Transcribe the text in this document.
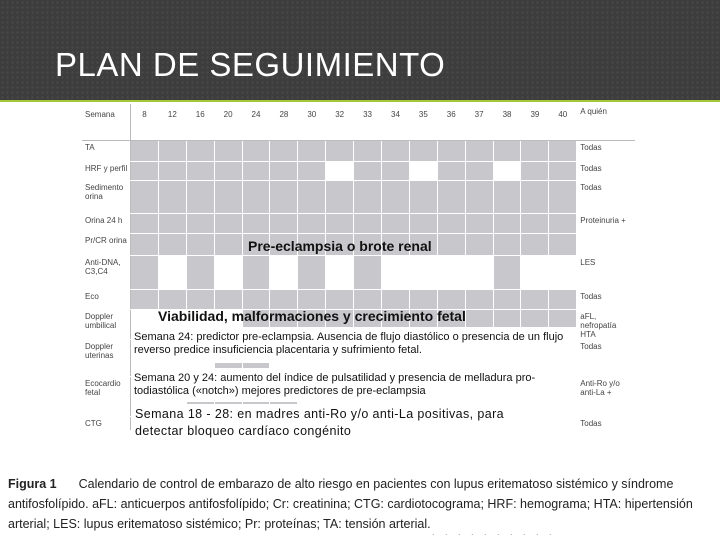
PLAN DE SEGUIMIENTO
Semana	8	12	16	20	24	28	30	32	33	34	35	36	37	38	39	40	A quién
TA																	Todas
HRF y perfil																	Todas
Sedimento orina																	Todas
Orina 24 h																	Proteinuria +
Pr/CR orina																	
Anti-DNA, C3,C4																	LES
Eco																	Todas
Doppler umbilical																	aFL, nefropatía HTA
Doppler uterinas																	Todas
Ecocardio fetal																	Anti-Ro y/o anti-La +
CTG																	Todas
Pre-eclampsia o brote renal
Viabilidad, malformaciones y crecimiento fetal
Semana 24: predictor pre-eclampsia. Ausencia de flujo diastólico o presencia de un flujo reverso predice insuficiencia placentaria y sufrimiento fetal.
Semana 20 y 24: aumento del índice de pulsatilidad y presencia de melladura pro-todiastólica («notch») mejores predictores de pre-eclampsia
Semana 18 - 28: en madres anti-Ro y/o anti-La positivas, para detectar bloqueo cardíaco congénito
Figura 1 Calendario de control de embarazo de alto riesgo en pacientes con lupus eritematoso sistémico y síndrome antifosfolípido. aFL: anticuerpos antifosfolípido; Cr: creatinina; CTG: cardiotocograma; HRF: hemograma; HTA: hipertensión arterial; LES: lupus eritematoso sistémico; Pr: proteínas; TA: tensión arterial.
. . . . . . . . . .
